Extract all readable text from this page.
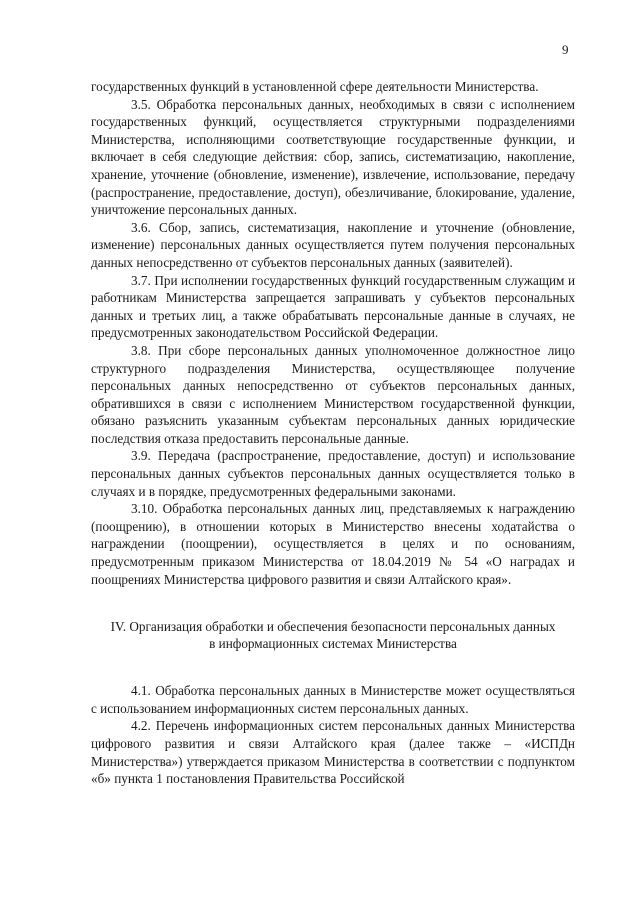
9

государственных функций в установленной сфере деятельности Министерства.

3.5. Обработка персональных данных, необходимых в связи с исполнением государственных функций, осуществляется структурными подразделениями Министерства, исполняющими соответствующие государственные функции, и включает в себя следующие действия: сбор, запись, систематизацию, накопление, хранение, уточнение (обновление, изменение), извлечение, использование, передачу (распространение, предоставление, доступ), обезличивание, блокирование, удаление, уничтожение персональных данных.

3.6. Сбор, запись, систематизация, накопление и уточнение (обновление, изменение) персональных данных осуществляется путем получения персональных данных непосредственно от субъектов персональных данных (заявителей).

3.7. При исполнении государственных функций государственным служащим и работникам Министерства запрещается запрашивать у субъектов персональных данных и третьих лиц, а также обрабатывать персональные данные в случаях, не предусмотренных законодательством Российской Федерации.

3.8. При сборе персональных данных уполномоченное должностное лицо структурного подразделения Министерства, осуществляющее получение персональных данных непосредственно от субъектов персональных данных, обратившихся в связи с исполнением Министерством государственной функции, обязано разъяснить указанным субъектам персональных данных юридические последствия отказа предоставить персональные данные.

3.9. Передача (распространение, предоставление, доступ) и использование персональных данных субъектов персональных данных осуществляется только в случаях и в порядке, предусмотренных федеральными законами.

3.10. Обработка персональных данных лиц, представляемых к награждению (поощрению), в отношении которых в Министерство внесены ходатайства о награждении (поощрении), осуществляется в целях и по основаниям, предусмотренным приказом Министерства от 18.04.2019 № 54 «О наградах и поощрениях Министерства цифрового развития и связи Алтайского края».

IV. Организация обработки и обеспечения безопасности персональных данных
в информационных системах Министерства

4.1. Обработка персональных данных в Министерстве может осуществляться с использованием информационных систем персональных данных.

4.2. Перечень информационных систем персональных данных Министерства цифрового развития и связи Алтайского края (далее также – «ИСПДн Министерства») утверждается приказом Министерства в соответствии с подпунктом «б» пункта 1 постановления Правительства Российской
